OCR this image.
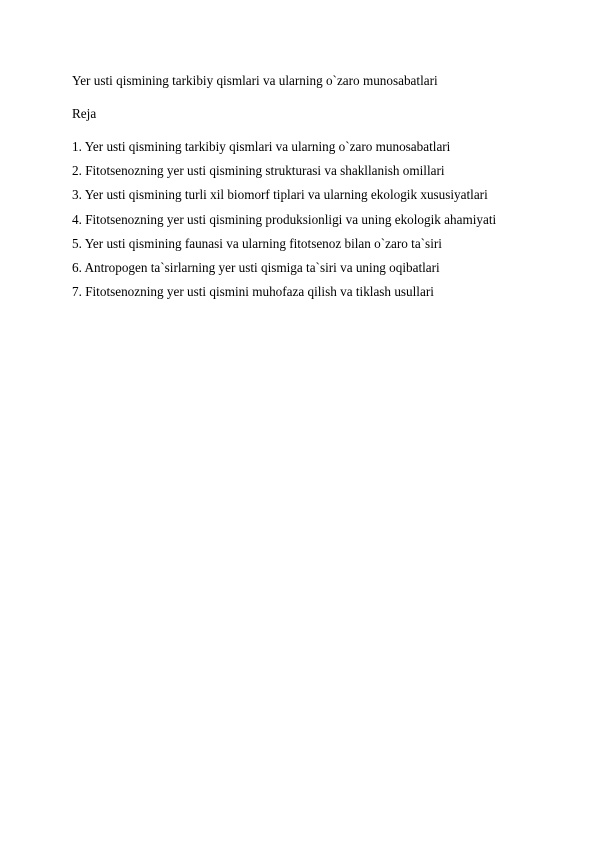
Yer usti qismining tarkibiy qismlari va ularning o`zaro munosabatlari
Reja
1. Yer usti qismining tarkibiy qismlari va ularning o`zaro munosabatlari
2. Fitotsenozning yer usti qismining strukturasi va shakllanish omillari
3. Yer usti qismining turli xil biomorf tiplari va ularning ekologik xususiyatlari
4. Fitotsenozning yer usti qismining produksionligi va uning ekologik ahamiyati
5. Yer usti qismining faunasi va ularning fitotsenoz bilan o`zaro ta`siri
6. Antropogen ta`sirlarning yer usti qismiga ta`siri va uning oqibatlari
7. Fitotsenozning yer usti qismini muhofaza qilish va tiklash usullari
